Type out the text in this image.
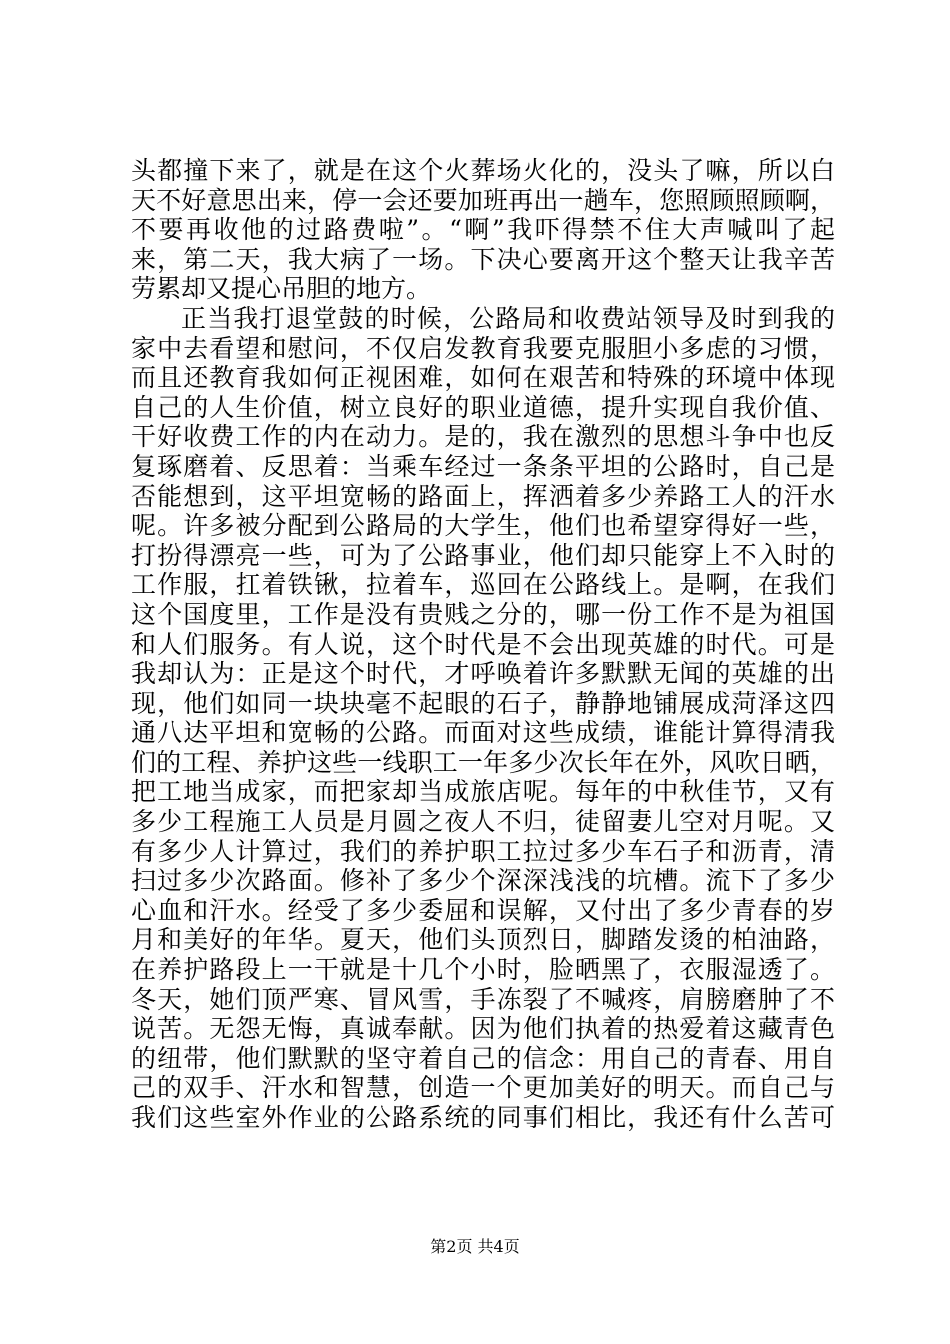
头都撞下来了，就是在这个火葬场火化的，没头了嘛，所以白
天不好意思出来，停一会还要加班再出一趟车，您照顾照顾啊，
不要再收他的过路费啦”。“啊”我吓得禁不住大声喊叫了起
来，第二天，我大病了一场。下决心要离开这个整天让我辛苦
劳累却又提心吊胆的地方。
正当我打退堂鼓的时候，公路局和收费站领导及时到我的
家中去看望和慰问，不仅启发教育我要克服胆小多虑的习惯，
而且还教育我如何正视困难，如何在艰苦和特殊的环境中体现
自己的人生价值，树立良好的职业道德，提升实现自我价值、
干好收费工作的内在动力。是的，我在激烈的思想斗争中也反
复琢磨着、反思着：当乘车经过一条条平坦的公路时，自己是
否能想到，这平坦宽畅的路面上，挥洒着多少养路工人的汗水
呢。许多被分配到公路局的大学生，他们也希望穿得好一些，
打扮得漂亮一些，可为了公路事业，他们却只能穿上不入时的
工作服，扛着铁锹，拉着车，巡回在公路线上。是啊，在我们
这个国度里，工作是没有贵贱之分的，哪一份工作不是为祖国
和人们服务。有人说，这个时代是不会出现英雄的时代。可是
我却认为：正是这个时代，才呼唤着许多默默无闻的英雄的出
现，他们如同一块块毫不起眼的石子，静静地铺展成菏泽这四
通八达平坦和宽畅的公路。而面对这些成绩，谁能计算得清我
们的工程、养护这些一线职工一年多少次长年在外，风吹日晒，
把工地当成家，而把家却当成旅店呢。每年的中秋佳节，又有
多少工程施工人员是月圆之夜人不归，徒留妻儿空对月呢。又
有多少人计算过，我们的养护职工拉过多少车石子和沥青，清
扫过多少次路面。修补了多少个深深浅浅的坑槽。流下了多少
心血和汗水。经受了多少委屈和误解，又付出了多少青春的岁
月和美好的年华。夏天，他们头顶烈日，脚踏发烫的柏油路，
在养护路段上一干就是十几个小时，脸晒黑了，衣服湿透了。
冬天，她们顶严寒、冒风雪，手冻裂了不喊疼，肩膀磨肿了不
说苦。无怨无悔，真诚奉献。因为他们执着的热爱着这藏青色
的纽带，他们默默的坚守着自己的信念：用自己的青春、用自
己的双手、汗水和智慧，创造一个更加美好的明天。而自己与
我们这些室外作业的公路系统的同事们相比，我还有什么苦可
第2页 共4页
